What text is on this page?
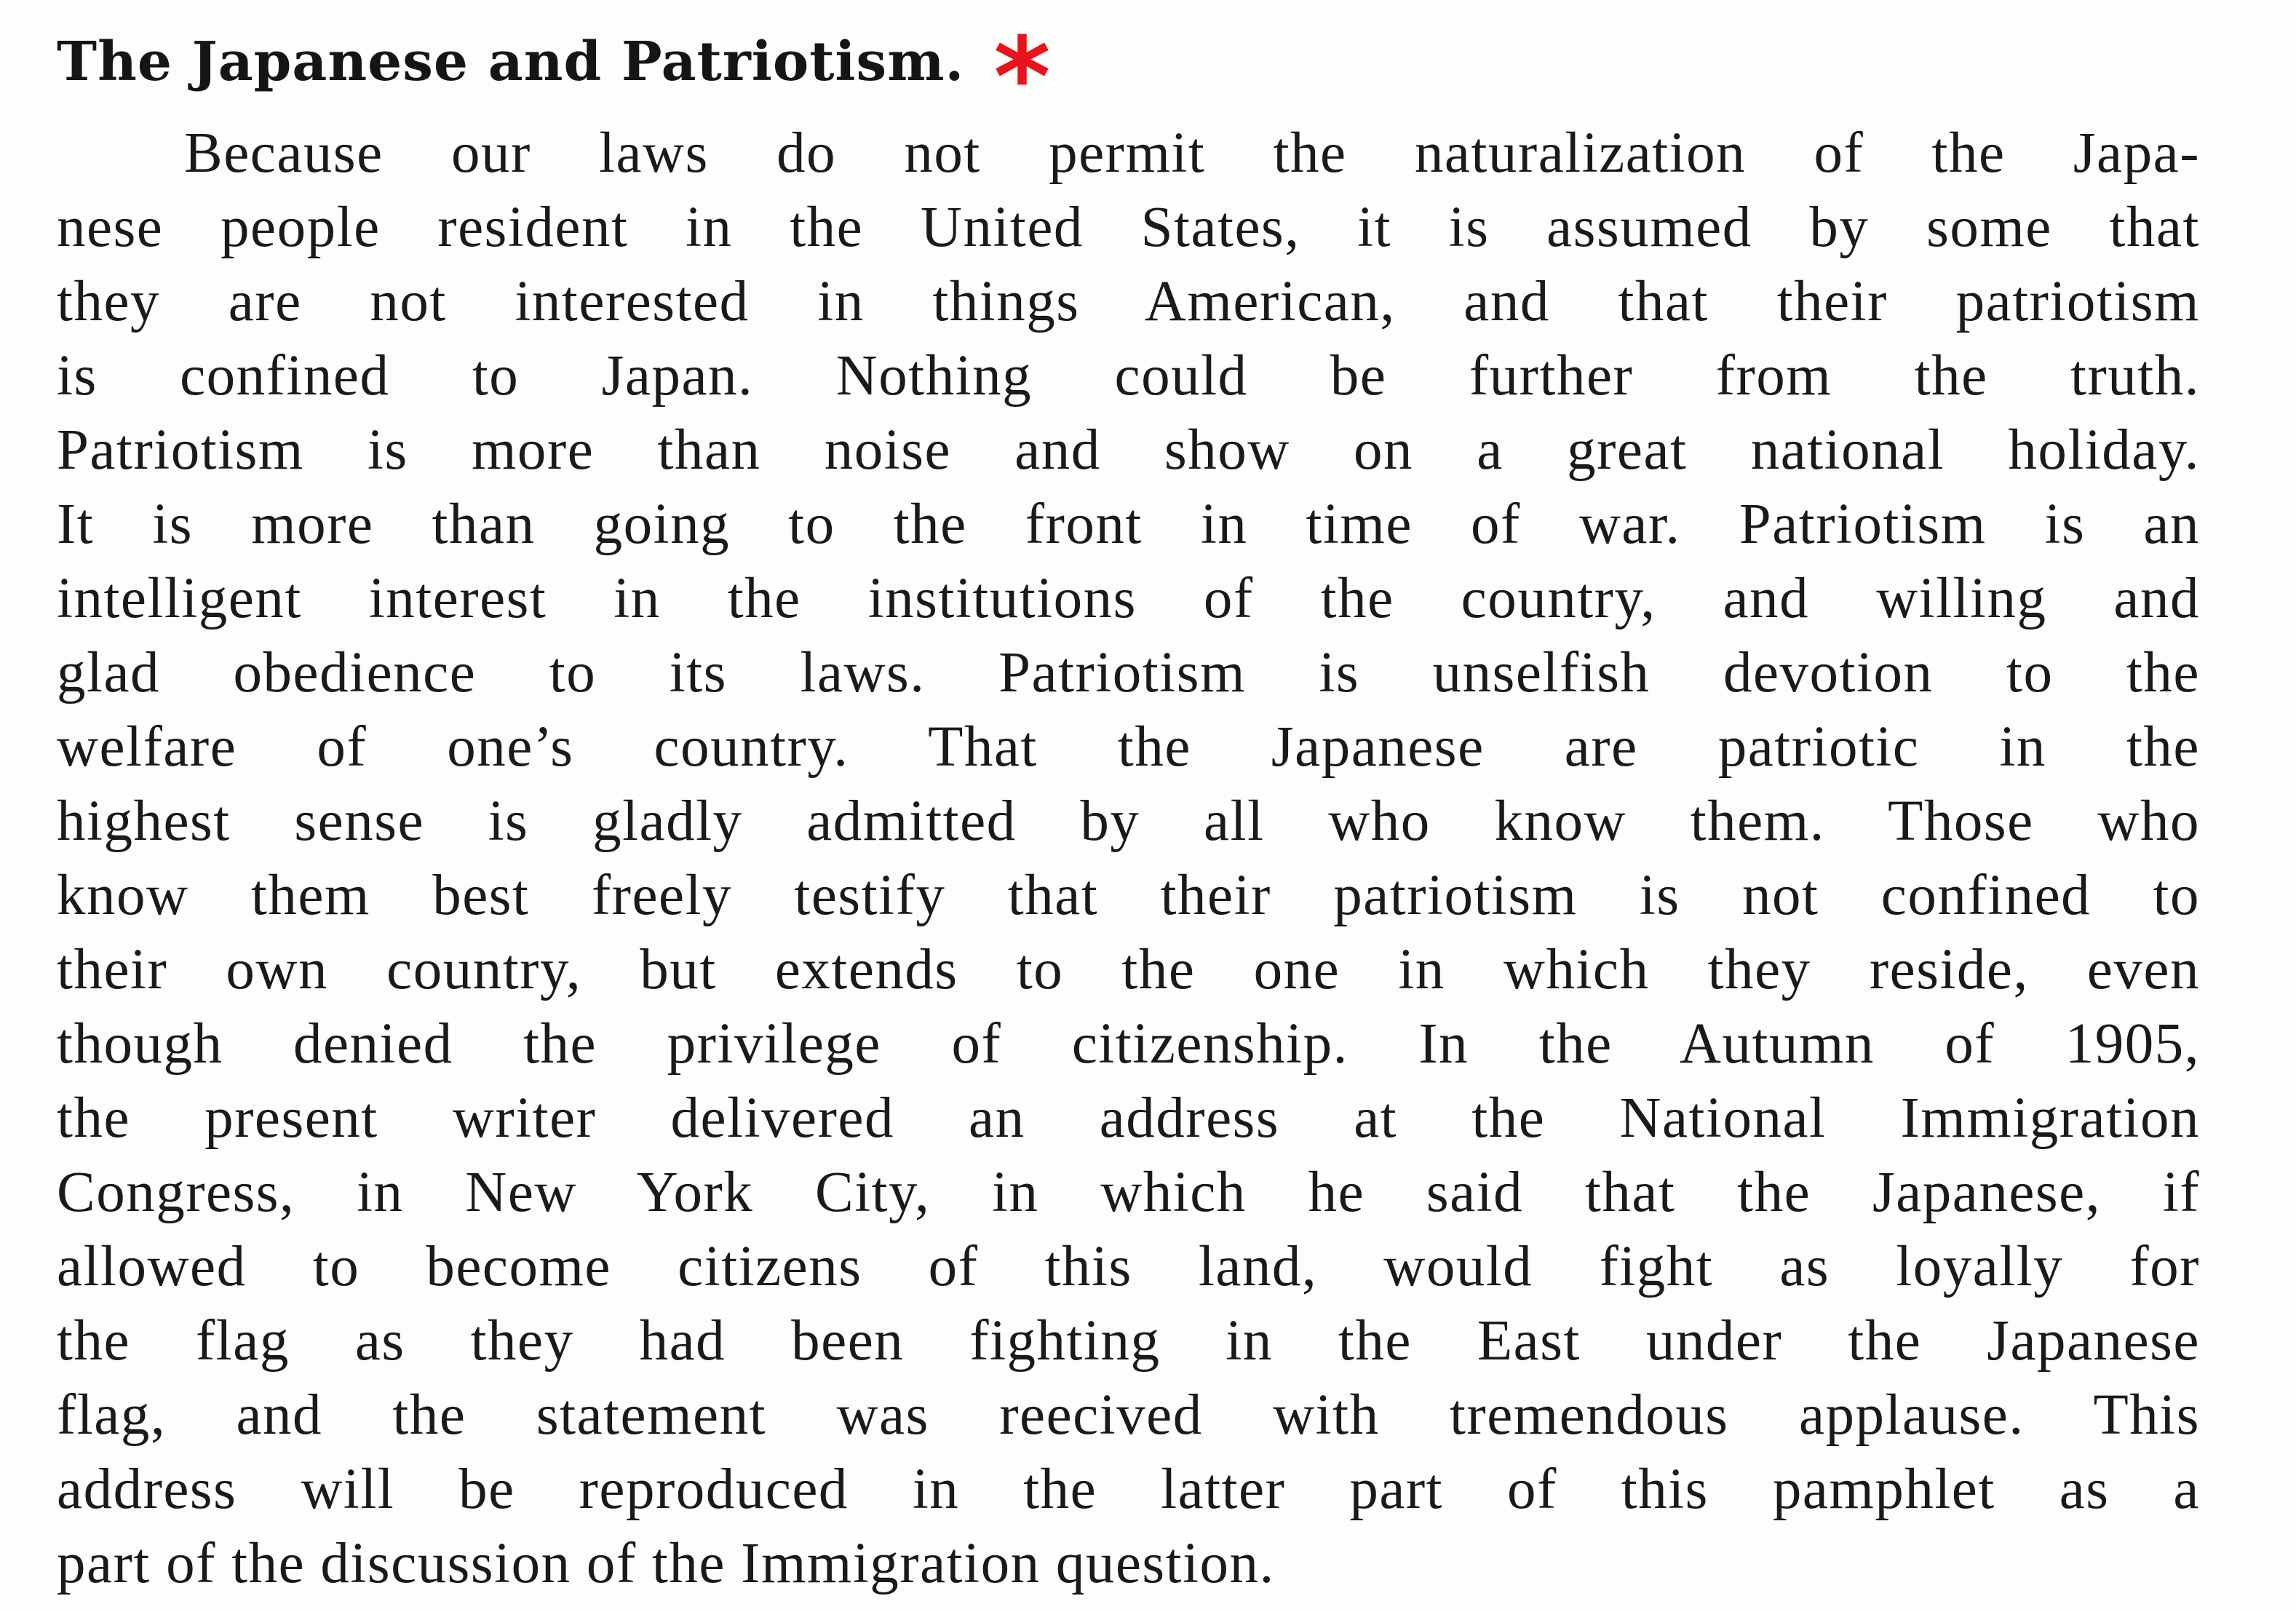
The Japanese and Patriotism. *
Because our laws do not permit the naturalization of the Japa-
nese people resident in the United States, it is assumed by some that
they are not interested in things American, and that their patriotism
is confined to Japan. Nothing could be further from the truth.
Patriotism is more than noise and show on a great national holiday.
It is more than going to the front in time of war. Patriotism is an
intelligent interest in the institutions of the country, and willing and
glad obedience to its laws. Patriotism is unselfish devotion to the
welfare of one’s country. That the Japanese are patriotic in the
highest sense is gladly admitted by all who know them. Those who
know them best freely testify that their patriotism is not confined to
their own country, but extends to the one in which they reside, even
though denied the privilege of citizenship. In the Autumn of 1905,
the present writer delivered an address at the National Immigration
Congress, in New York City, in which he said that the Japanese, if
allowed to become citizens of this land, would fight as loyally for
the flag as they had been fighting in the East under the Japanese
flag, and the statement was reecived with tremendous applause. This
address will be reproduced in the latter part of this pamphlet as a
part of the discussion of the Immigration question.
